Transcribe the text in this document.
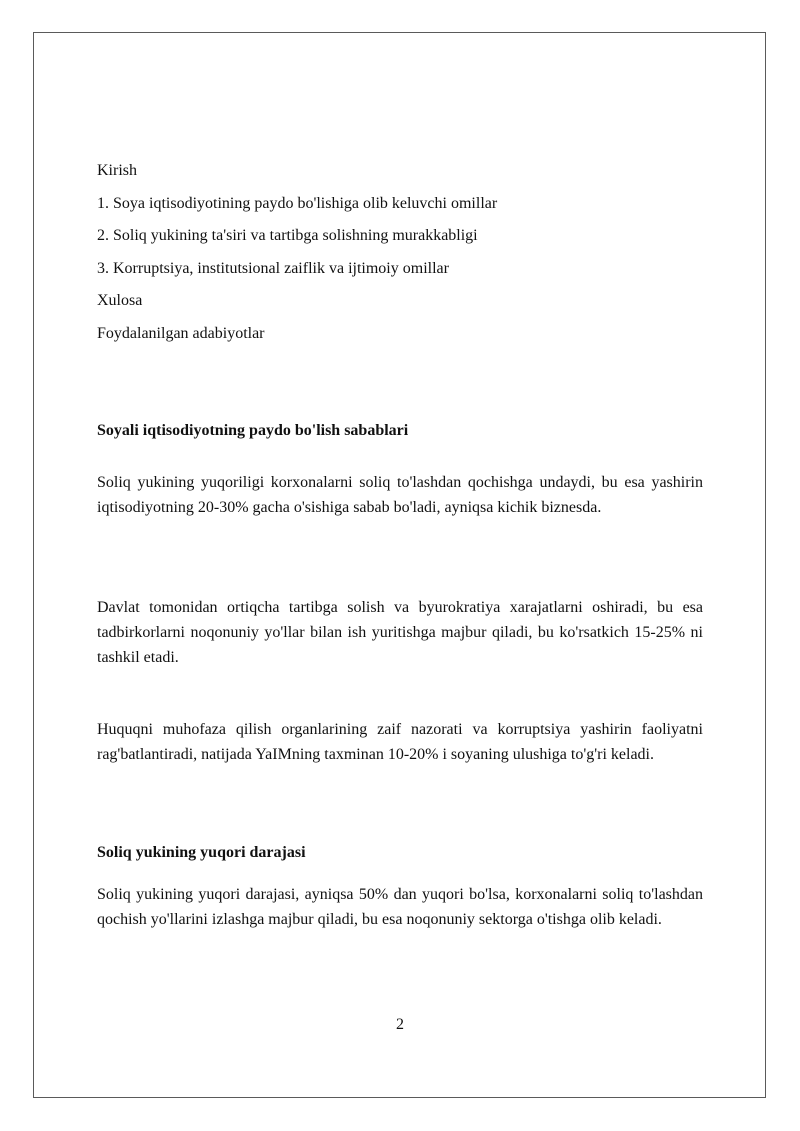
Kirish
1. Soya iqtisodiyotining paydo bo'lishiga olib keluvchi omillar
2. Soliq yukining ta'siri va tartibga solishning murakkabligi
3. Korruptsiya, institutsional zaiflik va ijtimoiy omillar
Xulosa
Foydalanilgan adabiyotlar
Soyali iqtisodiyotning paydo bo'lish sabablari

Soliq yukining yuqoriligi korxonalarni soliq to'lashdan qochishga undaydi, bu esa yashirin iqtisodiyotning 20-30% gacha o'sishiga sabab bo'ladi, ayniqsa kichik biznesda.

Davlat tomonidan ortiqcha tartibga solish va byurokratiya xarajatlarni oshiradi, bu esa tadbirkorlarni noqonuniy yo'llar bilan ish yuritishga majbur qiladi, bu ko'rsatkich 15-25% ni tashkil etadi.

Huquqni muhofaza qilish organlarining zaif nazorati va korruptsiya yashirin faoliyatni rag'batlantiradi, natijada YaIMning taxminan 10-20% i soyaning ulushiga to'g'ri keladi.

Soliq yukining yuqori darajasi

Soliq yukining yuqori darajasi, ayniqsa 50% dan yuqori bo'lsa, korxonalarni soliq to'lashdan qochish yo'llarini izlashga majbur qiladi, bu esa noqonuniy sektorga o'tishga olib keladi.

2
